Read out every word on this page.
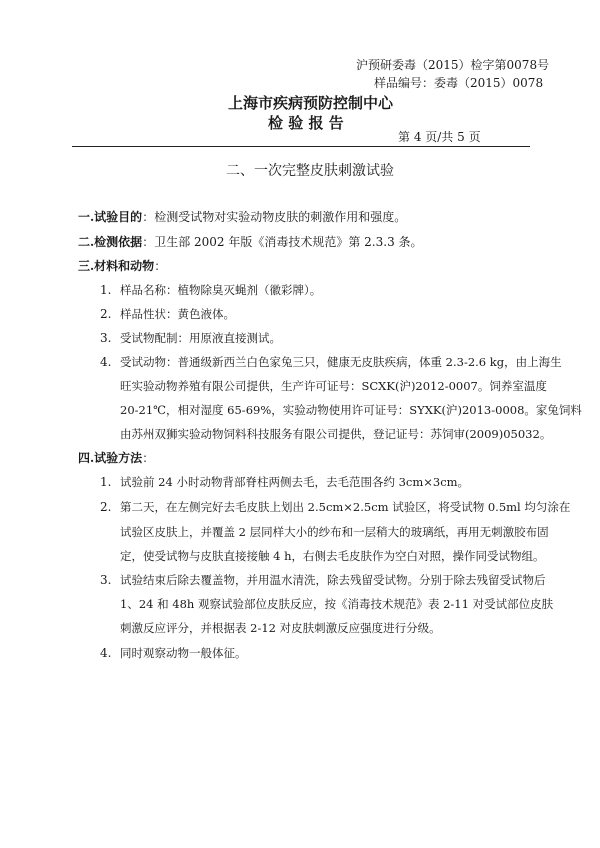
沪预研委毒（2015）检字第0078号
样品编号：委毒（2015）0078
上海市疾病预防控制中心
检 验 报 告
第 4 页/共 5 页
二、一次完整皮肤刺激试验
一.试验目的：检测受试物对实验动物皮肤的刺激作用和强度。
二.检测依据：卫生部 2002 年版《消毒技术规范》第 2.3.3 条。
三.材料和动物：
1. 样品名称：植物除臭灭蝇剂（徽彩牌）。
2. 样品性状：黄色液体。
3. 受试物配制：用原液直接测试。
4. 受试动物：普通级新西兰白色家兔三只，健康无皮肤疾病，体重 2.3-2.6 kg，由上海生
旺实验动物养殖有限公司提供，生产许可证号：SCXK(沪)2012-0007。饲养室温度
20-21℃，相对湿度 65-69%，实验动物使用许可证号：SYXK(沪)2013-0008。家兔饲料
由苏州双狮实验动物饲料科技服务有限公司提供，登记证号：苏饲审(2009)05032。
四.试验方法：
1. 试验前 24 小时动物背部脊柱两侧去毛，去毛范围各约 3cm×3cm。
2. 第二天，在左侧完好去毛皮肤上划出 2.5cm×2.5cm 试验区，将受试物 0.5ml 均匀涂在
试验区皮肤上，并覆盖 2 层同样大小的纱布和一层稍大的玻璃纸，再用无刺激胶布固
定，使受试物与皮肤直接接触 4 h，右侧去毛皮肤作为空白对照，操作同受试物组。
3. 试验结束后除去覆盖物，并用温水清洗，除去残留受试物。分别于除去残留受试物后
1、24 和 48h 观察试验部位皮肤反应，按《消毒技术规范》表 2-11 对受试部位皮肤
刺激反应评分，并根据表 2-12 对皮肤刺激反应强度进行分级。
4. 同时观察动物一般体征。
